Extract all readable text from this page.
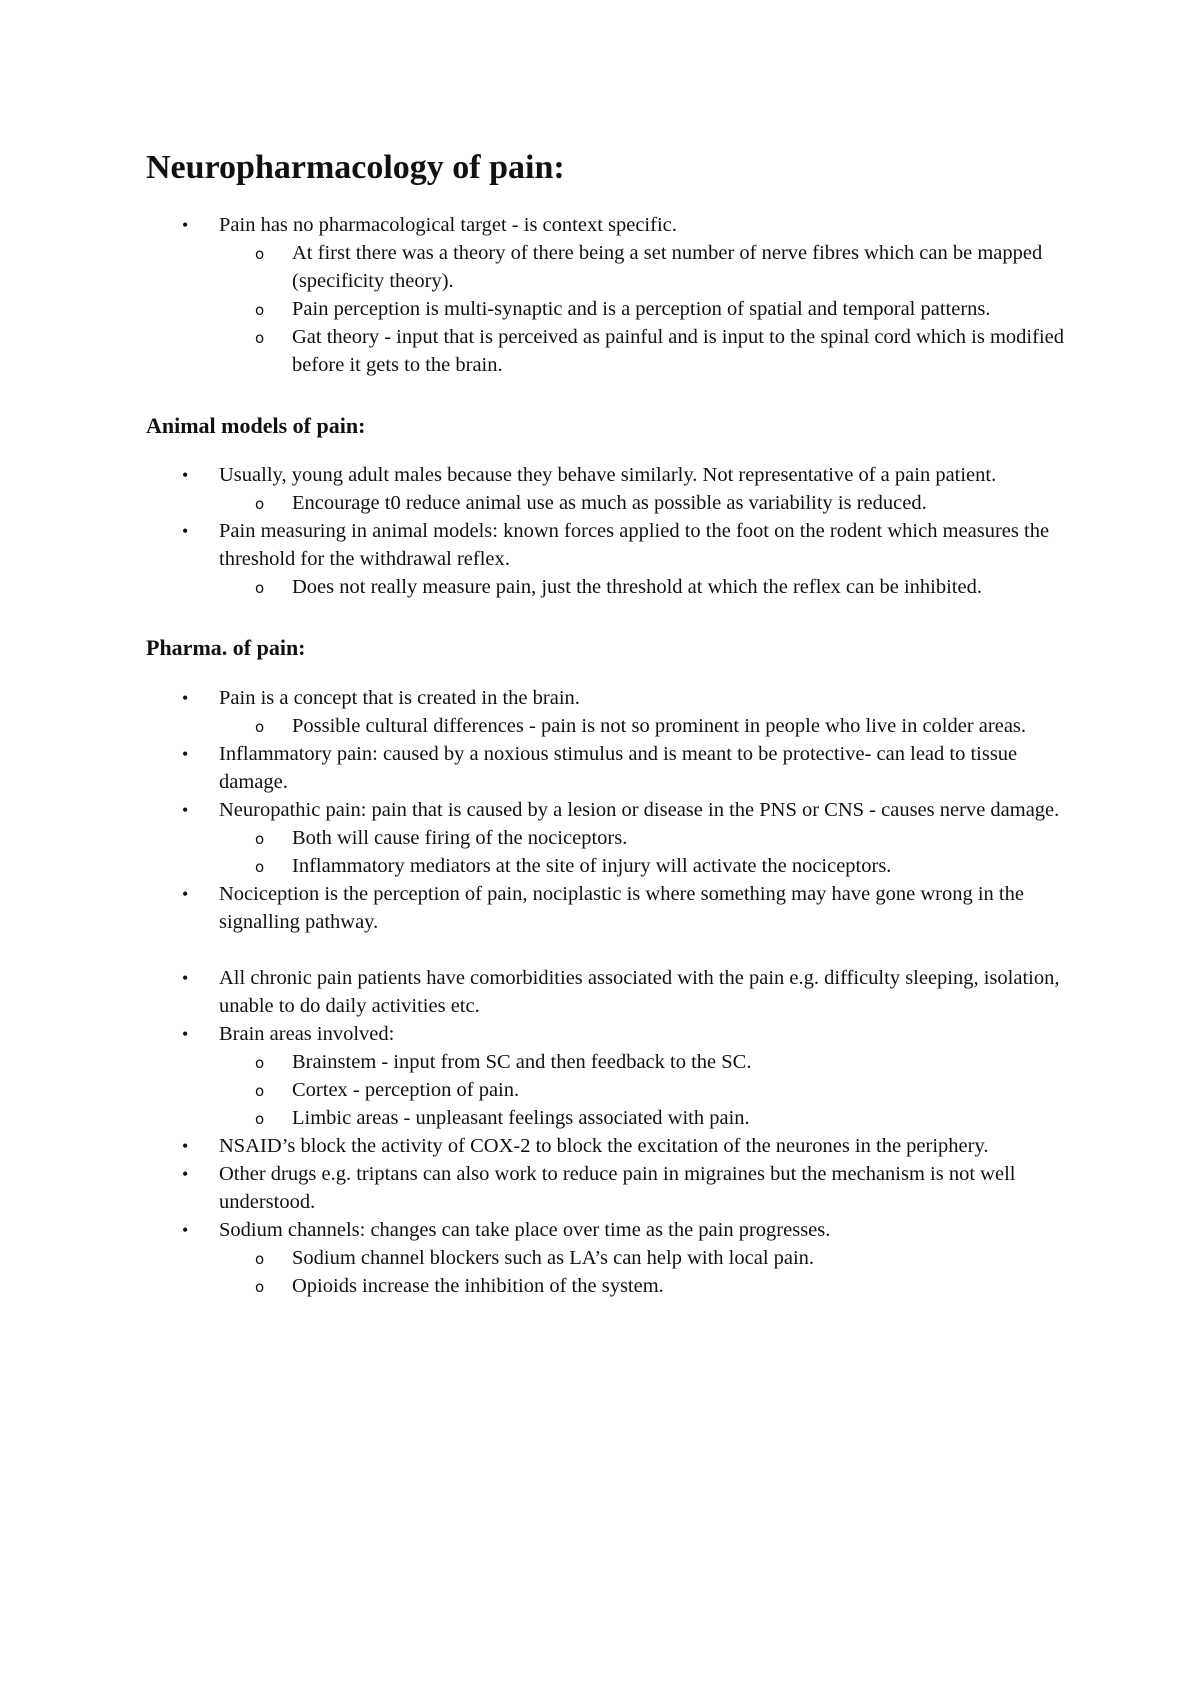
Neuropharmacology of pain:
• Pain has no pharmacological target - is context specific.
o At first there was a theory of there being a set number of nerve fibres which can be mapped (specificity theory).
o Pain perception is multi-synaptic and is a perception of spatial and temporal patterns.
o Gat theory - input that is perceived as painful and is input to the spinal cord which is modified before it gets to the brain.
Animal models of pain:
• Usually, young adult males because they behave similarly. Not representative of a pain patient.
o Encourage t0 reduce animal use as much as possible as variability is reduced.
• Pain measuring in animal models: known forces applied to the foot on the rodent which measures the threshold for the withdrawal reflex.
o Does not really measure pain, just the threshold at which the reflex can be inhibited.
Pharma. of pain:
• Pain is a concept that is created in the brain.
o Possible cultural differences - pain is not so prominent in people who live in colder areas.
• Inflammatory pain: caused by a noxious stimulus and is meant to be protective- can lead to tissue damage.
• Neuropathic pain: pain that is caused by a lesion or disease in the PNS or CNS - causes nerve damage.
o Both will cause firing of the nociceptors.
o Inflammatory mediators at the site of injury will activate the nociceptors.
• Nociception is the perception of pain, nociplastic is where something may have gone wrong in the signalling pathway.
• All chronic pain patients have comorbidities associated with the pain e.g. difficulty sleeping, isolation, unable to do daily activities etc.
• Brain areas involved:
o Brainstem - input from SC and then feedback to the SC.
o Cortex - perception of pain.
o Limbic areas - unpleasant feelings associated with pain.
• NSAID’s block the activity of COX-2 to block the excitation of the neurones in the periphery.
• Other drugs e.g. triptans can also work to reduce pain in migraines but the mechanism is not well understood.
• Sodium channels: changes can take place over time as the pain progresses.
o Sodium channel blockers such as LA’s can help with local pain.
o Opioids increase the inhibition of the system.
